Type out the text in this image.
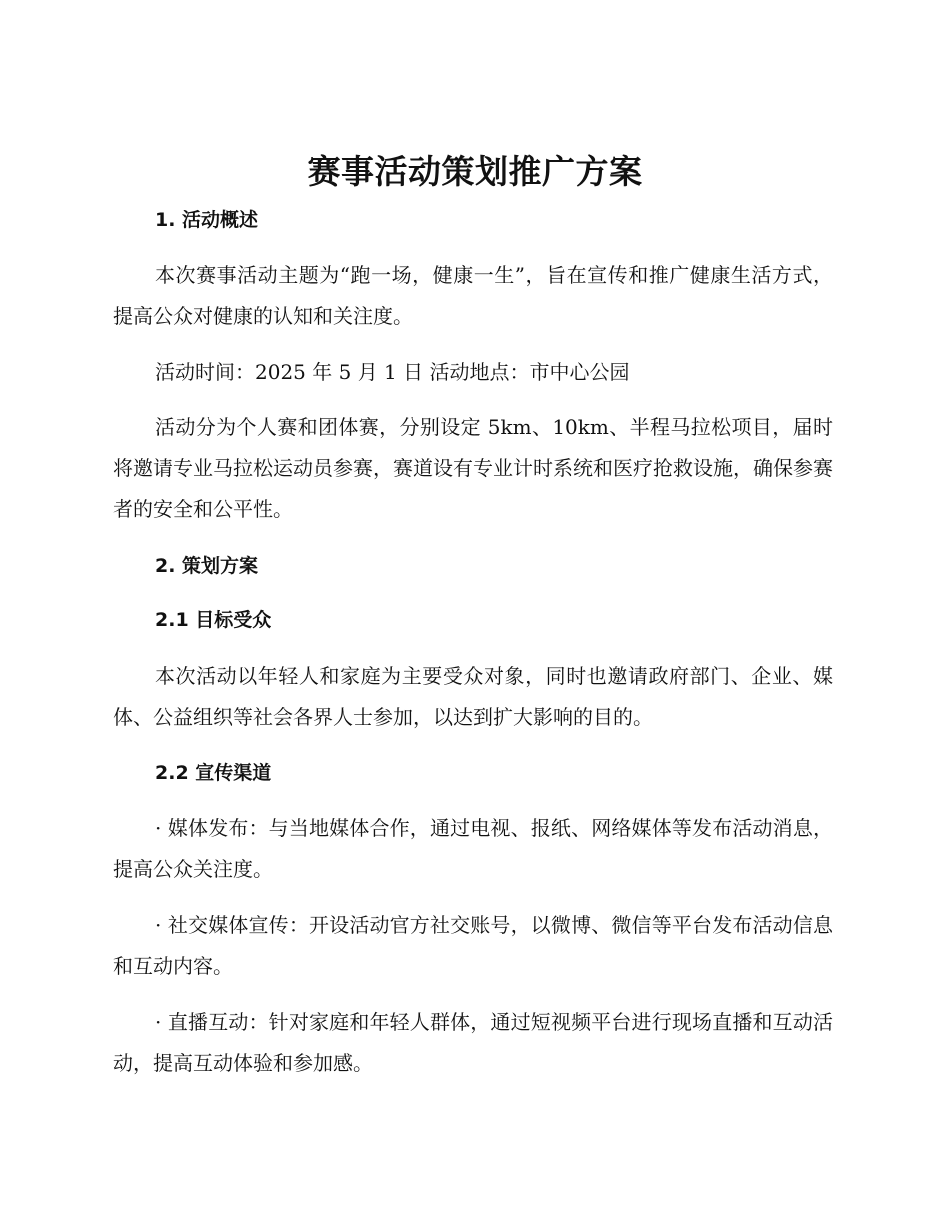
赛事活动策划推广方案
1. 活动概述
本次赛事活动主题为“跑一场，健康一生”，旨在宣传和推广健康生活方式，提高公众对健康的认知和关注度。
活动时间：2025 年 5 月 1 日 活动地点：市中心公园
活动分为个人赛和团体赛，分别设定 5km、10km、半程马拉松项目，届时将邀请专业马拉松运动员参赛，赛道设有专业计时系统和医疗抢救设施，确保参赛者的安全和公平性。
2. 策划方案
2.1 目标受众
本次活动以年轻人和家庭为主要受众对象，同时也邀请政府部门、企业、媒体、公益组织等社会各界人士参加，以达到扩大影响的目的。
2.2 宣传渠道
· 媒体发布：与当地媒体合作，通过电视、报纸、网络媒体等发布活动消息，提高公众关注度。
· 社交媒体宣传：开设活动官方社交账号，以微博、微信等平台发布活动信息和互动内容。
· 直播互动：针对家庭和年轻人群体，通过短视频平台进行现场直播和互动活动，提高互动体验和参加感。
